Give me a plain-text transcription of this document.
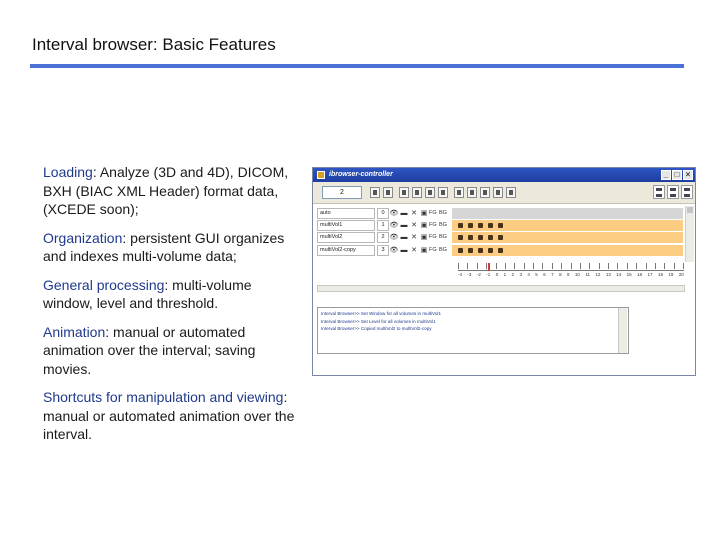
Interval browser: Basic Features

Loading: Analyze (3D and 4D), DICOM, BXH (BIAC XML Header) format data, (XCEDE soon);

Organization: persistent GUI organizes and indexes multi-volume data;

General processing: multi-volume window, level and threshold.

Animation: manual or automated animation over the interval; saving movies.

Shortcuts for manipulation and viewing: manual or automated animation over the interval.

ibrowser-controller	_ □ ×
2
auto	0 👁 ▬ ✕ ▣ FG BG
multiVol1	1 👁 ▬ ✕ ▣ FG BG
multiVol2	2 👁 ▬ ✕ ▣ FG BG
multiVol2-copy	3 👁 ▬ ✕ ▣ FG BG
-4 -3 -2 -1 0 1 2 3 4 5 6 7 8 9 10 11 12 13 14 15 16 17 18 19 20
Interval Browser>> Set Window for all volumes in multiVol1
Interval Browser>> Set Level for all volumes in multiVol1
Interval Browser>> Copied multiVol2 to multiVol2-copy
